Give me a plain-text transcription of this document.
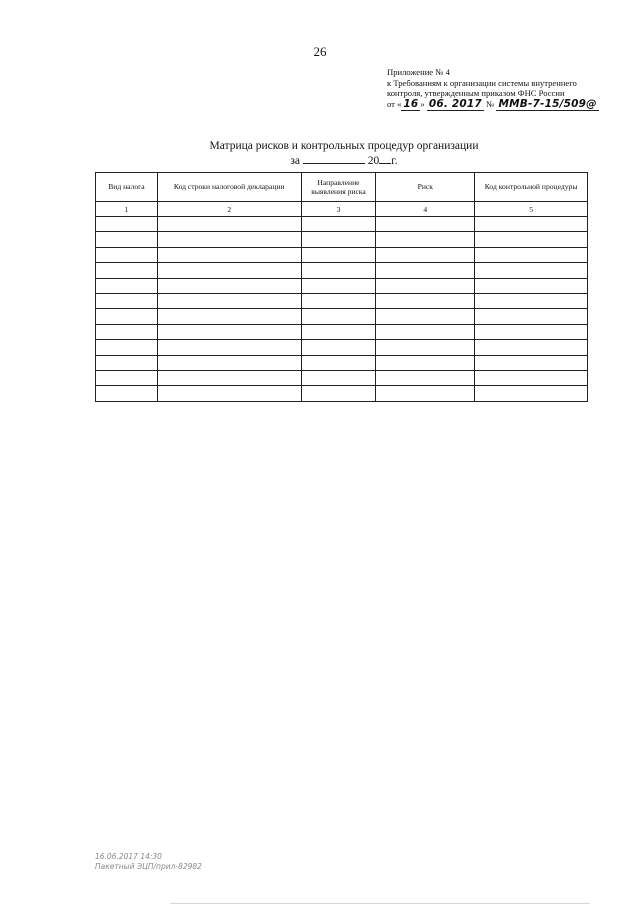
26
Приложение № 4
к Требованиям к организации системы внутреннего
контроля, утвержденным приказом ФНС России
от « 16 » 06. 2017 № ММВ-7-15/509@
Матрица рисков и контрольных процедур организации
за	20 г.
Вид налога	Код строки налоговой декларации	Направление выявления риска	Риск	Код контрольной процедуры
1	2	3	4	5

16.06.2017 14:30
Пакетный ЭЦП/прил-82982
